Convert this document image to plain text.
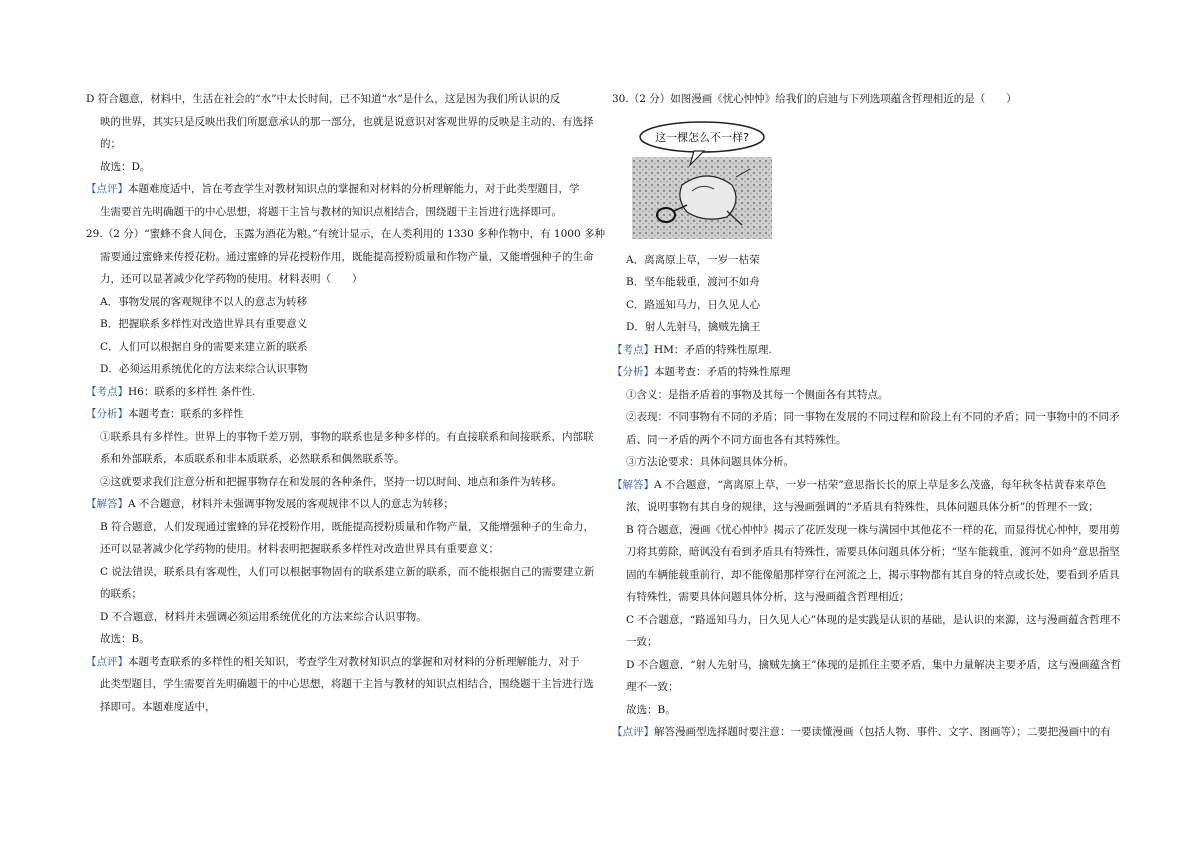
D 符合题意，材料中，生活在社会的“水”中太长时间，已不知道“水”是什么，这是因为我们所认识的反
映的世界，其实只是反映出我们所愿意承认的那一部分，也就是说意识对客观世界的反映是主动的、有选择
的；
故选：D。
【点评】本题难度适中，旨在考查学生对教材知识点的掌握和对材料的分析理解能力，对于此类型题目，学
生需要首先明确题干的中心思想，将题干主旨与教材的知识点相结合，围绕题干主旨进行选择即可。
29.（2 分）“蜜蜂不食人间仓，玉露为酒花为粮。”有统计显示，在人类利用的 1330 多种作物中，有 1000 多种
需要通过蜜蜂来传授花粉。通过蜜蜂的异花授粉作用，既能提高授粉质量和作物产量，又能增强种子的生命
力，还可以显著减少化学药物的使用。材料表明（　　）
A．事物发展的客观规律不以人的意志为转移
B．把握联系多样性对改造世界具有重要意义
C．人们可以根据自身的需要来建立新的联系
D．必须运用系统优化的方法来综合认识事物
【考点】H6：联系的多样性 条件性.
【分析】本题考查：联系的多样性
①联系具有多样性。世界上的事物千差万别，事物的联系也是多种多样的。有直接联系和间接联系，内部联
系和外部联系，本质联系和非本质联系，必然联系和偶然联系等。
②这就要求我们注意分析和把握事物存在和发展的各种条件，坚持一切以时间、地点和条件为转移。
【解答】A 不合题意，材料并未强调事物发展的客观规律不以人的意志为转移；
B 符合题意，人们发现通过蜜蜂的异花授粉作用，既能提高授粉质量和作物产量，又能增强种子的生命力，
还可以显著减少化学药物的使用。材料表明把握联系多样性对改造世界具有重要意义；
C 说法错误，联系具有客观性，人们可以根据事物固有的联系建立新的联系，而不能根据自己的需要建立新
的联系；
D 不合题意，材料并未强调必须运用系统优化的方法来综合认识事物。
故选：B。
【点评】本题考查联系的多样性的相关知识，考查学生对教材知识点的掌握和对材料的分析理解能力，对于
此类型题目，学生需要首先明确题干的中心思想，将题干主旨与教材的知识点相结合，围绕题干主旨进行选
择即可。本题难度适中，
30.（2 分）如图漫画《忧心忡忡》给我们的启迪与下列选项蕴含哲理相近的是（　　）
这一棵怎么不一样?
A．离离原上草，一岁一枯荣
B．坚车能载重，渡河不如舟
C．路遥知马力，日久见人心
D．射人先射马，擒贼先擒王
【考点】HM：矛盾的特殊性原理.
【分析】本题考查：矛盾的特殊性原理
①含义：是指矛盾着的事物及其每一个侧面各有其特点。
②表现：不同事物有不同的矛盾；同一事物在发展的不同过程和阶段上有不同的矛盾；同一事物中的不同矛
盾、同一矛盾的两个不同方面也各有其特殊性。
③方法论要求：具体问题具体分析。
【解答】A 不合题意，“离离原上草，一岁一枯荣”意思指长长的原上草是多么茂盛，每年秋冬枯黄春来草色
浓，说明事物有其自身的规律，这与漫画强调的“矛盾具有特殊性，具体问题具体分析”的哲理不一致；
B 符合题意，漫画《忧心忡忡》揭示了花匠发现一株与满园中其他花不一样的花，而显得忧心忡忡，要用剪
刀将其剪除，暗讽没有看到矛盾具有特殊性，需要具体问题具体分析；“坚车能载重，渡河不如舟”意思指坚
固的车辆能载重前行，却不能像船那样穿行在河流之上，揭示事物都有其自身的特点或长处，要看到矛盾具
有特殊性，需要具体问题具体分析，这与漫画蕴含哲理相近；
C 不合题意，“路遥知马力，日久见人心”体现的是实践是认识的基础，是认识的来源，这与漫画蕴含哲理不
一致；
D 不合题意，“射人先射马，擒贼先擒王”体现的是抓住主要矛盾，集中力量解决主要矛盾，这与漫画蕴含哲
理不一致；
故选：B。
【点评】解答漫画型选择题时要注意：一要读懂漫画（包括人物、事件、文字、图画等）；二要把漫画中的有
